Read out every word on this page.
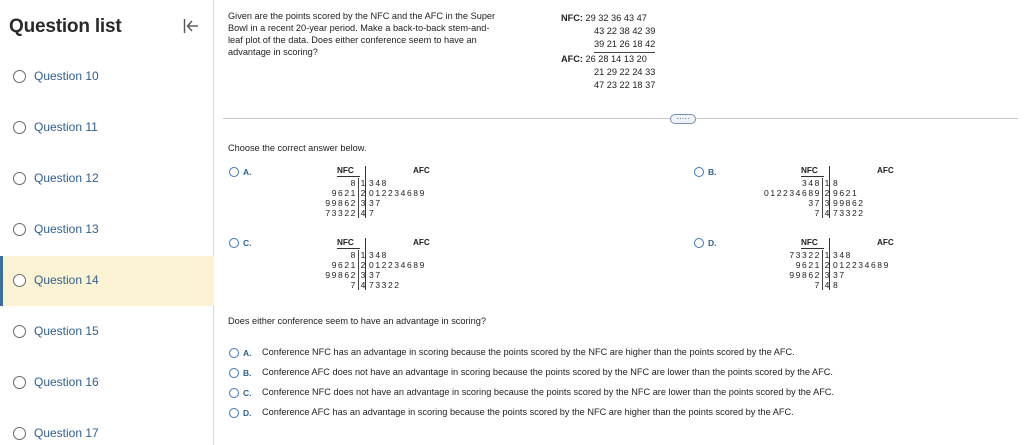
Question list
Question 10
Question 11
Question 12
Question 13
Question 14
Question 15
Question 16
Question 17
Given are the points scored by the NFC and the AFC in the Super Bowl in a recent 20-year period. Make a back-to-back stem-and-leaf plot of the data. Does either conference seem to have an advantage in scoring?
NFC: 29 32 36 43 47
43 22 38 42 39
39 21 26 18 42
AFC: 26 28 14 13 20
21 29 22 24 33
47 23 22 18 37
·····
Choose the correct answer below.
A.	NFC	AFC
8 1 348
9621 2 012234689
99862 3 37
73322 4 7
C.	NFC	AFC
8 1 348
9621 2 012234689
99862 3 37
7 4 73322
B.	NFC	AFC
348 1 8
012234689 2 9621
37 3 99862
7 4 73322
D.	NFC	AFC
73322 1 348
9621 2 012234689
99862 3 37
7 4 8
Does either conference seem to have an advantage in scoring?
A. Conference NFC has an advantage in scoring because the points scored by the NFC are higher than the points scored by the AFC.
B. Conference AFC does not have an advantage in scoring because the points scored by the NFC are lower than the points scored by the AFC.
C. Conference NFC does not have an advantage in scoring because the points scored by the NFC are lower than the points scored by the AFC.
D. Conference AFC has an advantage in scoring because the points scored by the NFC are higher than the points scored by the AFC.
